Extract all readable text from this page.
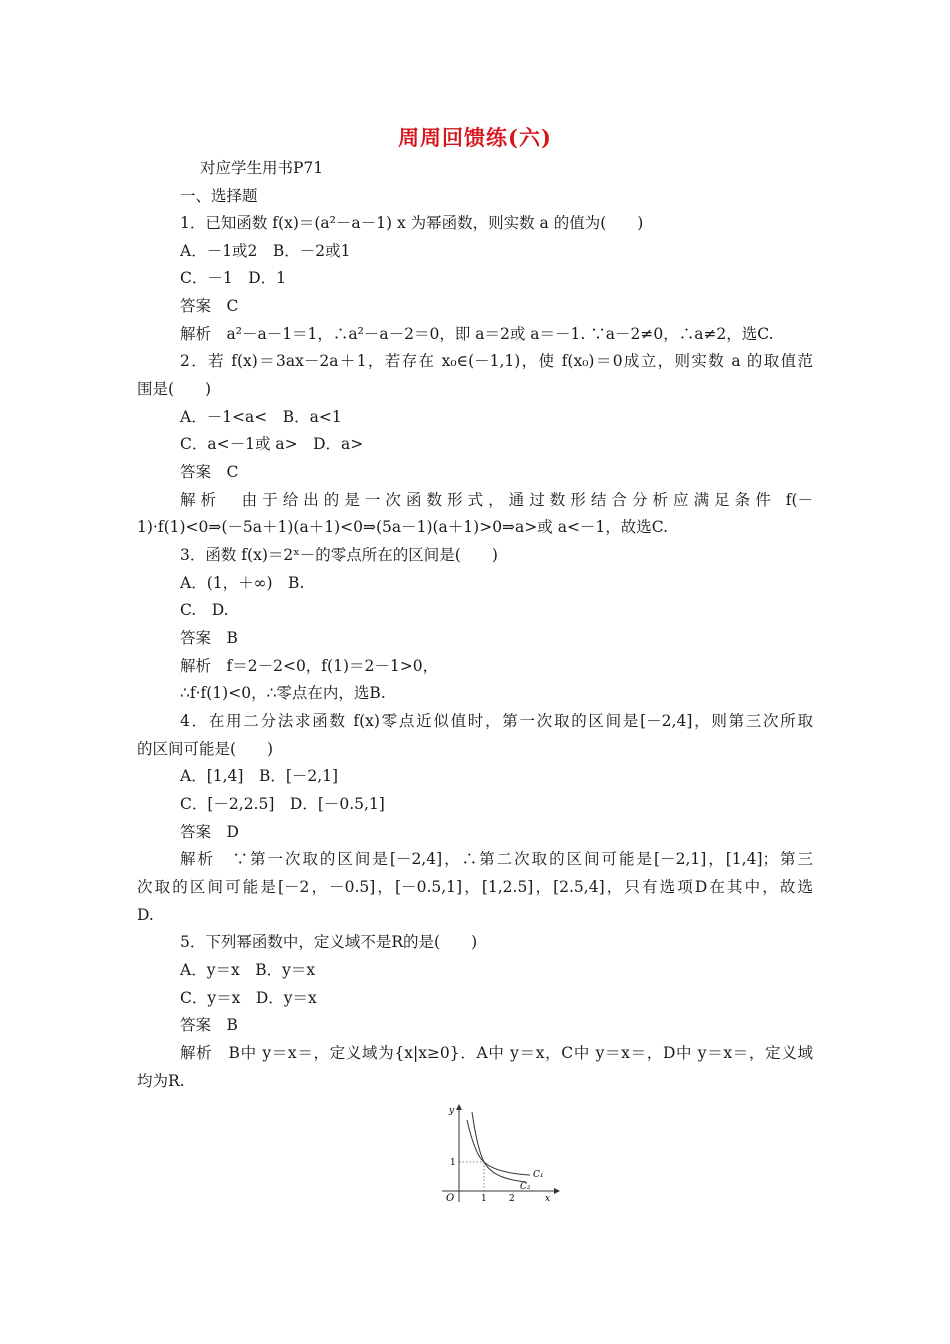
周周回馈练(六)
对应学生用书P71
一、选择题
1．已知函数 f(x)＝(a²－a－1) x 为幂函数，则实数 a 的值为(　　)
A．－1或2　B．－2或1
C．－1　D．1
答案　C
解析　a²－a－1＝1，∴a²－a－2＝0，即 a＝2或 a＝－1. ∵a－2≠0，∴a≠2，选C.
2．若 f(x)＝3ax－2a＋1，若存在 x₀∈(－1,1)，使 f(x₀)＝0成立，则实数 a 的取值范
围是(　　)
A．－1<a<　B．a<1
C．a<－1或 a>　D．a>
答案　C
解析　由于给出的是一次函数形式，通过数形结合分析应满足条件 f(－
1)·f(1)<0⇒(－5a＋1)(a＋1)<0⇒(5a－1)(a＋1)>0⇒a>或 a<－1，故选C.
3．函数 f(x)＝2ˣ－的零点所在的区间是(　　)
A．(1，＋∞)　B.
C.　D.
答案　B
解析　f＝2－2<0，f(1)＝2－1>0，
∴f·f(1)<0，∴零点在内，选B.
4．在用二分法求函数 f(x)零点近似值时，第一次取的区间是[－2,4]，则第三次所取
的区间可能是(　　)
A．[1,4]　B．[－2,1]
C．[－2,2.5]　D．[－0.5,1]
答案　D
解析　∵第一次取的区间是[－2,4]，∴第二次取的区间可能是[－2,1]，[1,4]；第三
次取的区间可能是[－2，－0.5]，[－0.5,1]，[1,2.5]，[2.5,4]，只有选项D在其中，故选
D.
5．下列幂函数中，定义域不是R的是(　　)
A．y＝x　B．y＝x
C．y＝x　D．y＝x
答案　B
解析　B中 y＝x＝，定义域为{x|x≥0}．A中 y＝x，C中 y＝x＝，D中 y＝x＝，定义域
均为R.
y
x
O
1
1 2
C₁
C₂
